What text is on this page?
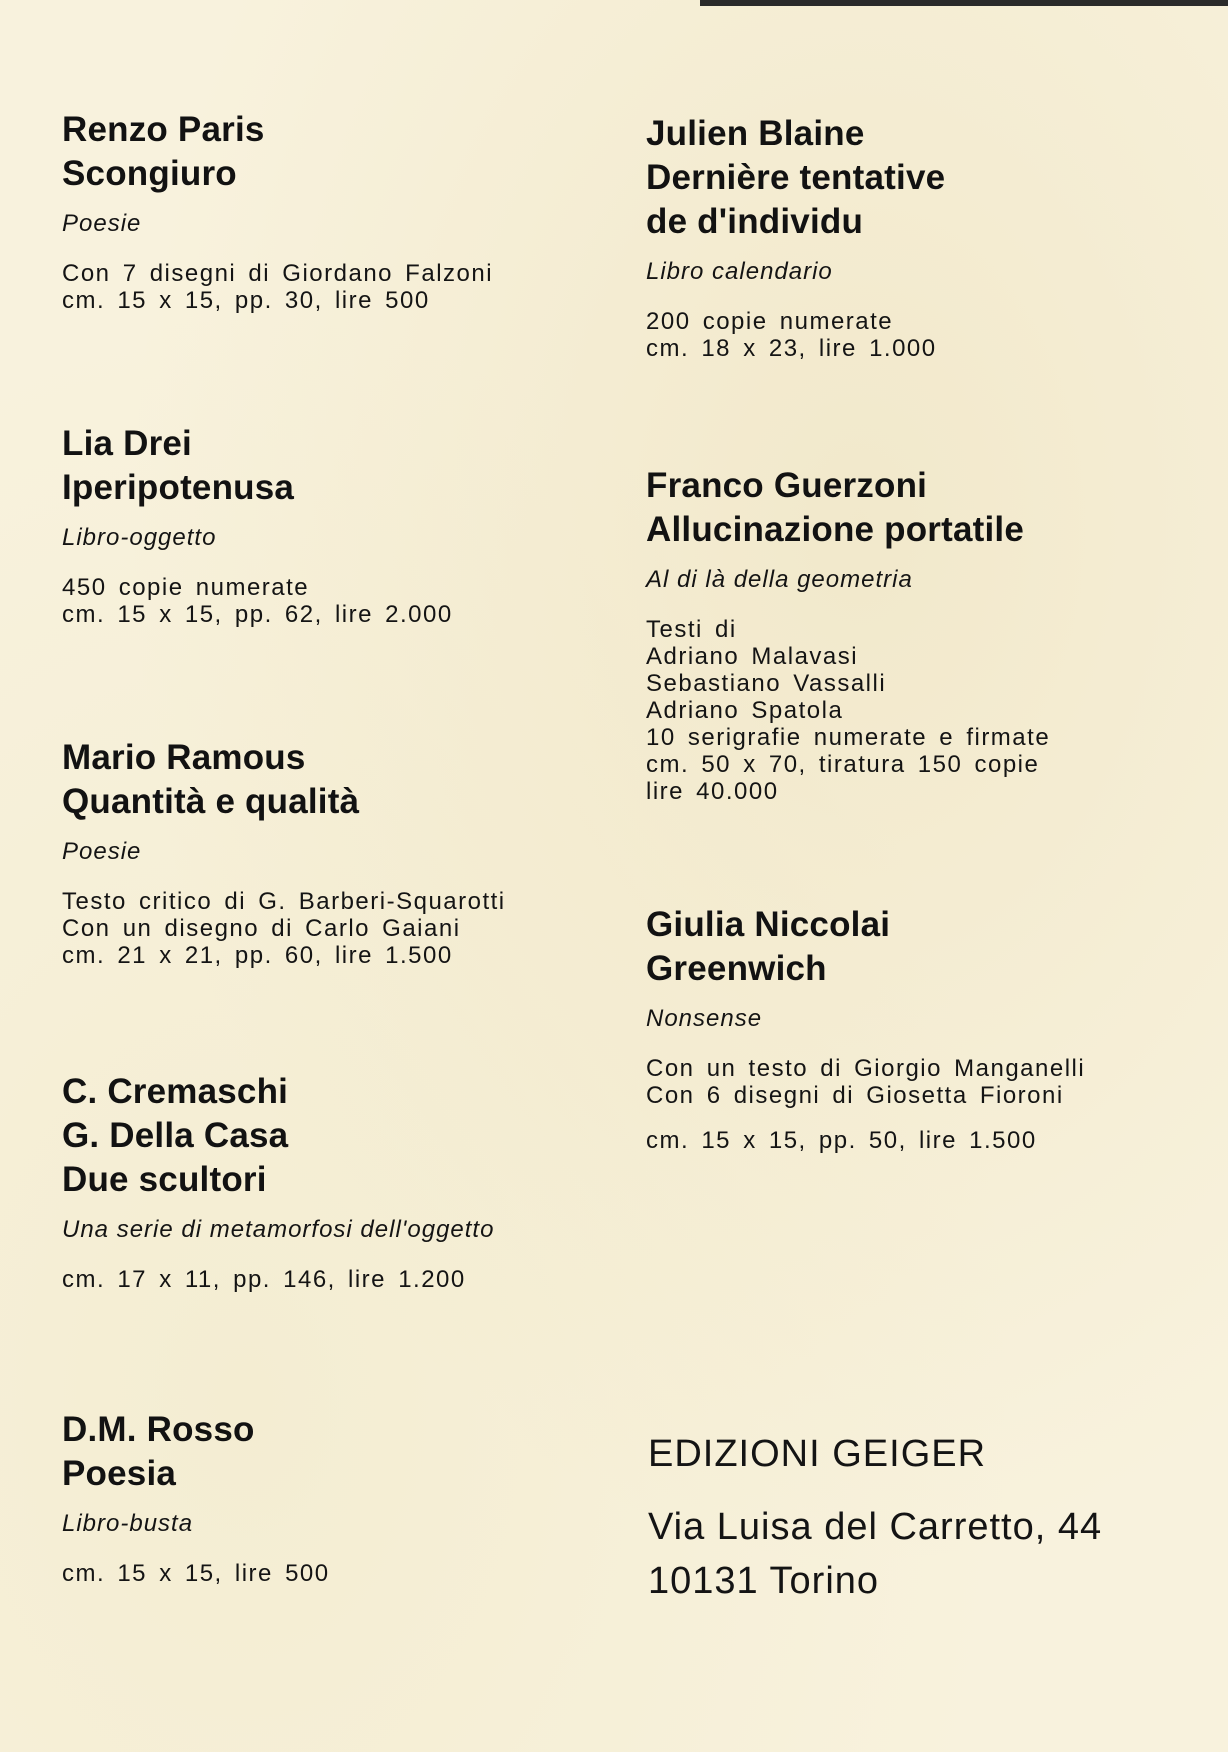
Renzo Paris
Scongiuro
Poesie
Con 7 disegni di Giordano Falzoni
cm. 15 x 15, pp. 30, lire 500
Lia Drei
Iperipotenusa
Libro-oggetto
450 copie numerate
cm. 15 x 15, pp. 62, lire 2.000
Mario Ramous
Quantità e qualità
Poesie
Testo critico di G. Barberi-Squarotti
Con un disegno di Carlo Gaiani
cm. 21 x 21, pp. 60, lire 1.500
C. Cremaschi
G. Della Casa
Due scultori
Una serie di metamorfosi dell'oggetto
cm. 17 x 11, pp. 146, lire 1.200
D.M. Rosso
Poesia
Libro-busta
cm. 15 x 15, lire 500
Julien Blaine
Dernière tentative
de d'individu
Libro calendario
200 copie numerate
cm. 18 x 23, lire 1.000
Franco Guerzoni
Allucinazione portatile
Al di là della geometria
Testi di
Adriano Malavasi
Sebastiano Vassalli
Adriano Spatola
10 serigrafie numerate e firmate
cm. 50 x 70, tiratura 150 copie
lire 40.000
Giulia Niccolai
Greenwich
Nonsense
Con un testo di Giorgio Manganelli
Con 6 disegni di Giosetta Fioroni
cm. 15 x 15, pp. 50, lire 1.500
EDIZIONI GEIGER
Via Luisa del Carretto, 44
10131 Torino
